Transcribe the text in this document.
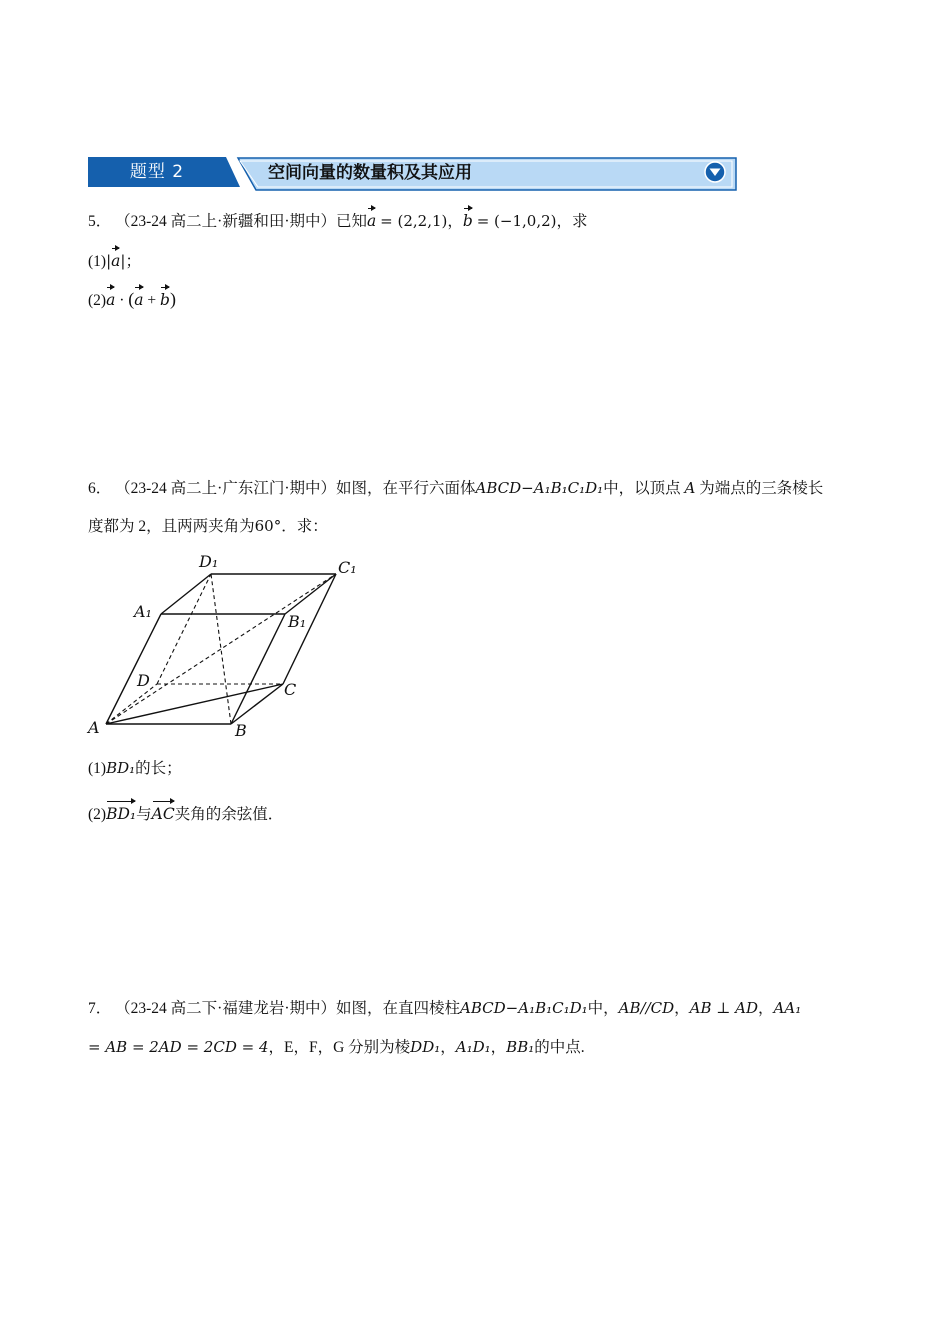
题型 2	空间向量的数量积及其应用
5． （23-24 高二上·新疆和田·期中）已知a = (2,2,1)，b = (−1,0,2)，求
(1)|a|；
(2)a · (a + b)
6． （23-24 高二上·广东江门·期中）如图，在平行六面体ABCD−A₁B₁C₁D₁中，以顶点 A 为端点的三条棱长
度都为 2，且两两夹角为60°．求：
A	B
C
D
A₁
B₁
C₁
D₁
(1)BD₁的长；
(2)BD₁与AC夹角的余弦值．
7． （23-24 高二下·福建龙岩·期中）如图，在直四棱柱ABCD−A₁B₁C₁D₁中，AB//CD，AB ⊥ AD，AA₁
= AB = 2AD = 2CD = 4，E，F，G 分别为棱DD₁，A₁D₁，BB₁的中点.
